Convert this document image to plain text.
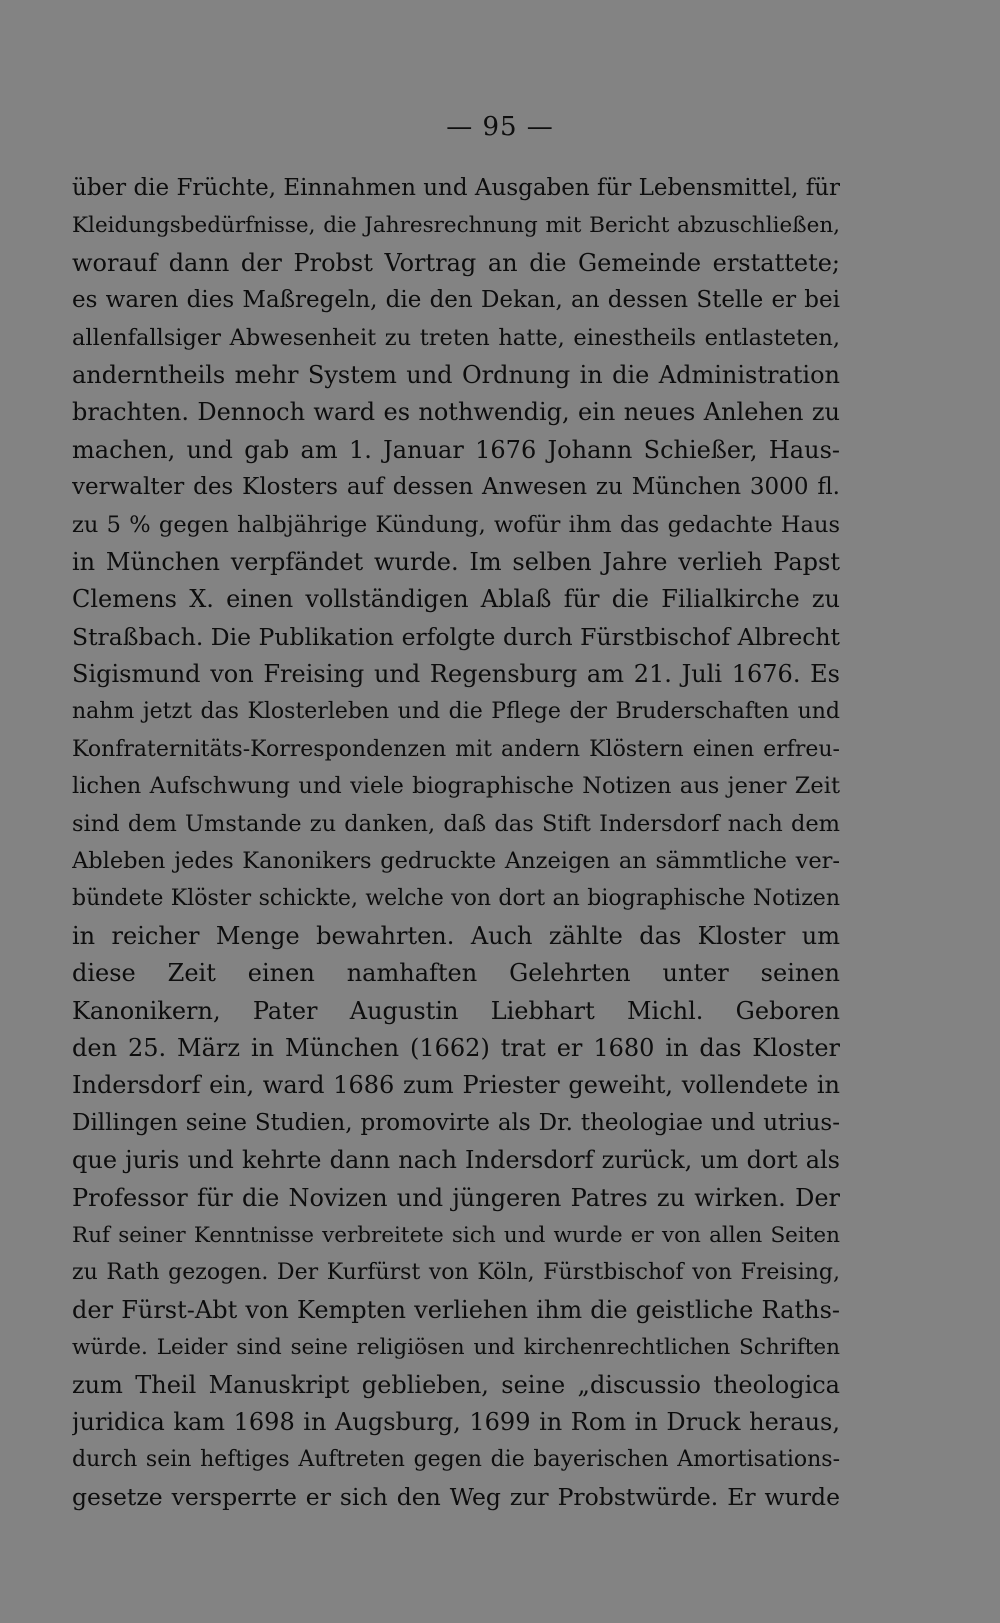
— 95 —
über die Früchte, Einnahmen und Ausgaben für Lebensmittel, für
Kleidungsbedürfnisse, die Jahresrechnung mit Bericht abzuschließen,
worauf dann der Probst Vortrag an die Gemeinde erstattete;
es waren dies Maßregeln, die den Dekan, an dessen Stelle er bei
allenfallsiger Abwesenheit zu treten hatte, einestheils entlasteten,
anderntheils mehr System und Ordnung in die Administration
brachten. Dennoch ward es nothwendig, ein neues Anlehen zu
machen, und gab am 1. Januar 1676 Johann Schießer, Haus-
verwalter des Klosters auf dessen Anwesen zu München 3000 fl.
zu 5 % gegen halbjährige Kündung, wofür ihm das gedachte Haus
in München verpfändet wurde. Im selben Jahre verlieh Papst
Clemens X. einen vollständigen Ablaß für die Filialkirche zu
Straßbach. Die Publikation erfolgte durch Fürstbischof Albrecht
Sigismund von Freising und Regensburg am 21. Juli 1676. Es
nahm jetzt das Klosterleben und die Pflege der Bruderschaften und
Konfraternitäts-Korrespondenzen mit andern Klöstern einen erfreu-
lichen Aufschwung und viele biographische Notizen aus jener Zeit
sind dem Umstande zu danken, daß das Stift Indersdorf nach dem
Ableben jedes Kanonikers gedruckte Anzeigen an sämmtliche ver-
bündete Klöster schickte, welche von dort an biographische Notizen
in reicher Menge bewahrten. Auch zählte das Kloster um
diese Zeit einen namhaften Gelehrten unter seinen
Kanonikern, Pater Augustin Liebhart Michl. Geboren
den 25. März in München (1662) trat er 1680 in das Kloster
Indersdorf ein, ward 1686 zum Priester geweiht, vollendete in
Dillingen seine Studien, promovirte als Dr. theologiae und utrius-
que juris und kehrte dann nach Indersdorf zurück, um dort als
Professor für die Novizen und jüngeren Patres zu wirken. Der
Ruf seiner Kenntnisse verbreitete sich und wurde er von allen Seiten
zu Rath gezogen. Der Kurfürst von Köln, Fürstbischof von Freising,
der Fürst-Abt von Kempten verliehen ihm die geistliche Raths-
würde. Leider sind seine religiösen und kirchenrechtlichen Schriften
zum Theil Manuskript geblieben, seine „discussio theologica
juridica kam 1698 in Augsburg, 1699 in Rom in Druck heraus,
durch sein heftiges Auftreten gegen die bayerischen Amortisations-
gesetze versperrte er sich den Weg zur Probstwürde. Er wurde
